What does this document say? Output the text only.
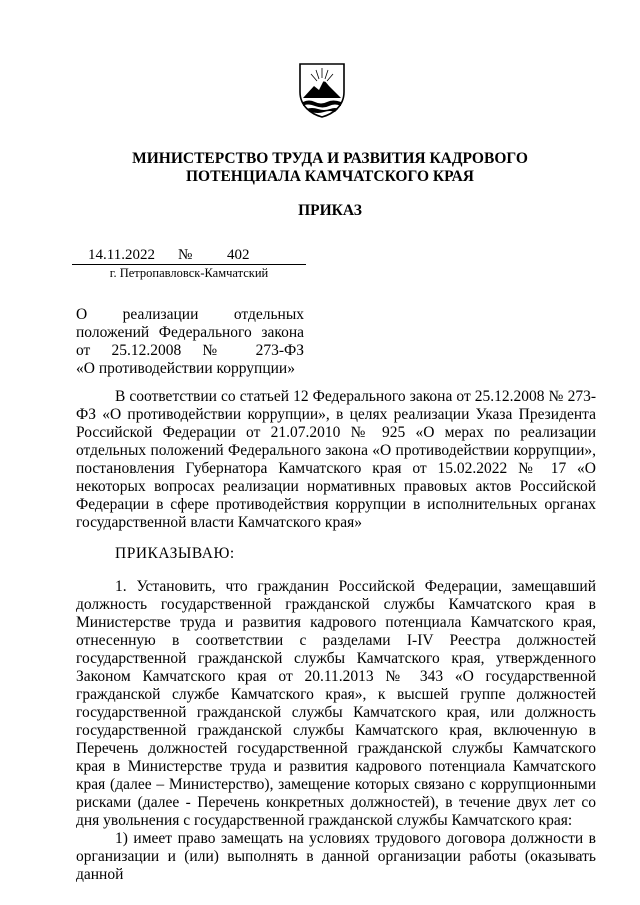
МИНИСТЕРСТВО ТРУДА И РАЗВИТИЯ КАДРОВОГО
ПОТЕНЦИАЛА КАМЧАТСКОГО КРАЯ
ПРИКАЗ
14.11.2022 № 402
г. Петропавловск-Камчатский
О реализации отдельных
положений Федерального закона
от 25.12.2008 № 273-ФЗ
«О противодействии коррупции»

В соответствии со статьей 12 Федерального закона от 25.12.2008 № 273-ФЗ «О противодействии коррупции», в целях реализации Указа Президента Российской Федерации от 21.07.2010 № 925 «О мерах по реализации отдельных положений Федерального закона «О противодействии коррупции», постановления Губернатора Камчатского края от 15.02.2022 № 17 «О некоторых вопросах реализации нормативных правовых актов Российской Федерации в сфере противодействия коррупции в исполнительных органах государственной власти Камчатского края»

ПРИКАЗЫВАЮ:

1. Установить, что гражданин Российской Федерации, замещавший должность государственной гражданской службы Камчатского края в Министерстве труда и развития кадрового потенциала Камчатского края, отнесенную в соответствии с разделами I-IV Реестра должностей государственной гражданской службы Камчатского края, утвержденного Законом Камчатского края от 20.11.2013 № 343 «О государственной гражданской службе Камчатского края», к высшей группе должностей государственной гражданской службы Камчатского края, или должность государственной гражданской службы Камчатского края, включенную в Перечень должностей государственной гражданской службы Камчатского края в Министерстве труда и развития кадрового потенциала Камчатского края (далее – Министерство), замещение которых связано с коррупционными рисками (далее - Перечень конкретных должностей), в течение двух лет со дня увольнения с государственной гражданской службы Камчатского края:

1) имеет право замещать на условиях трудового договора должности в организации и (или) выполнять в данной организации работы (оказывать данной
